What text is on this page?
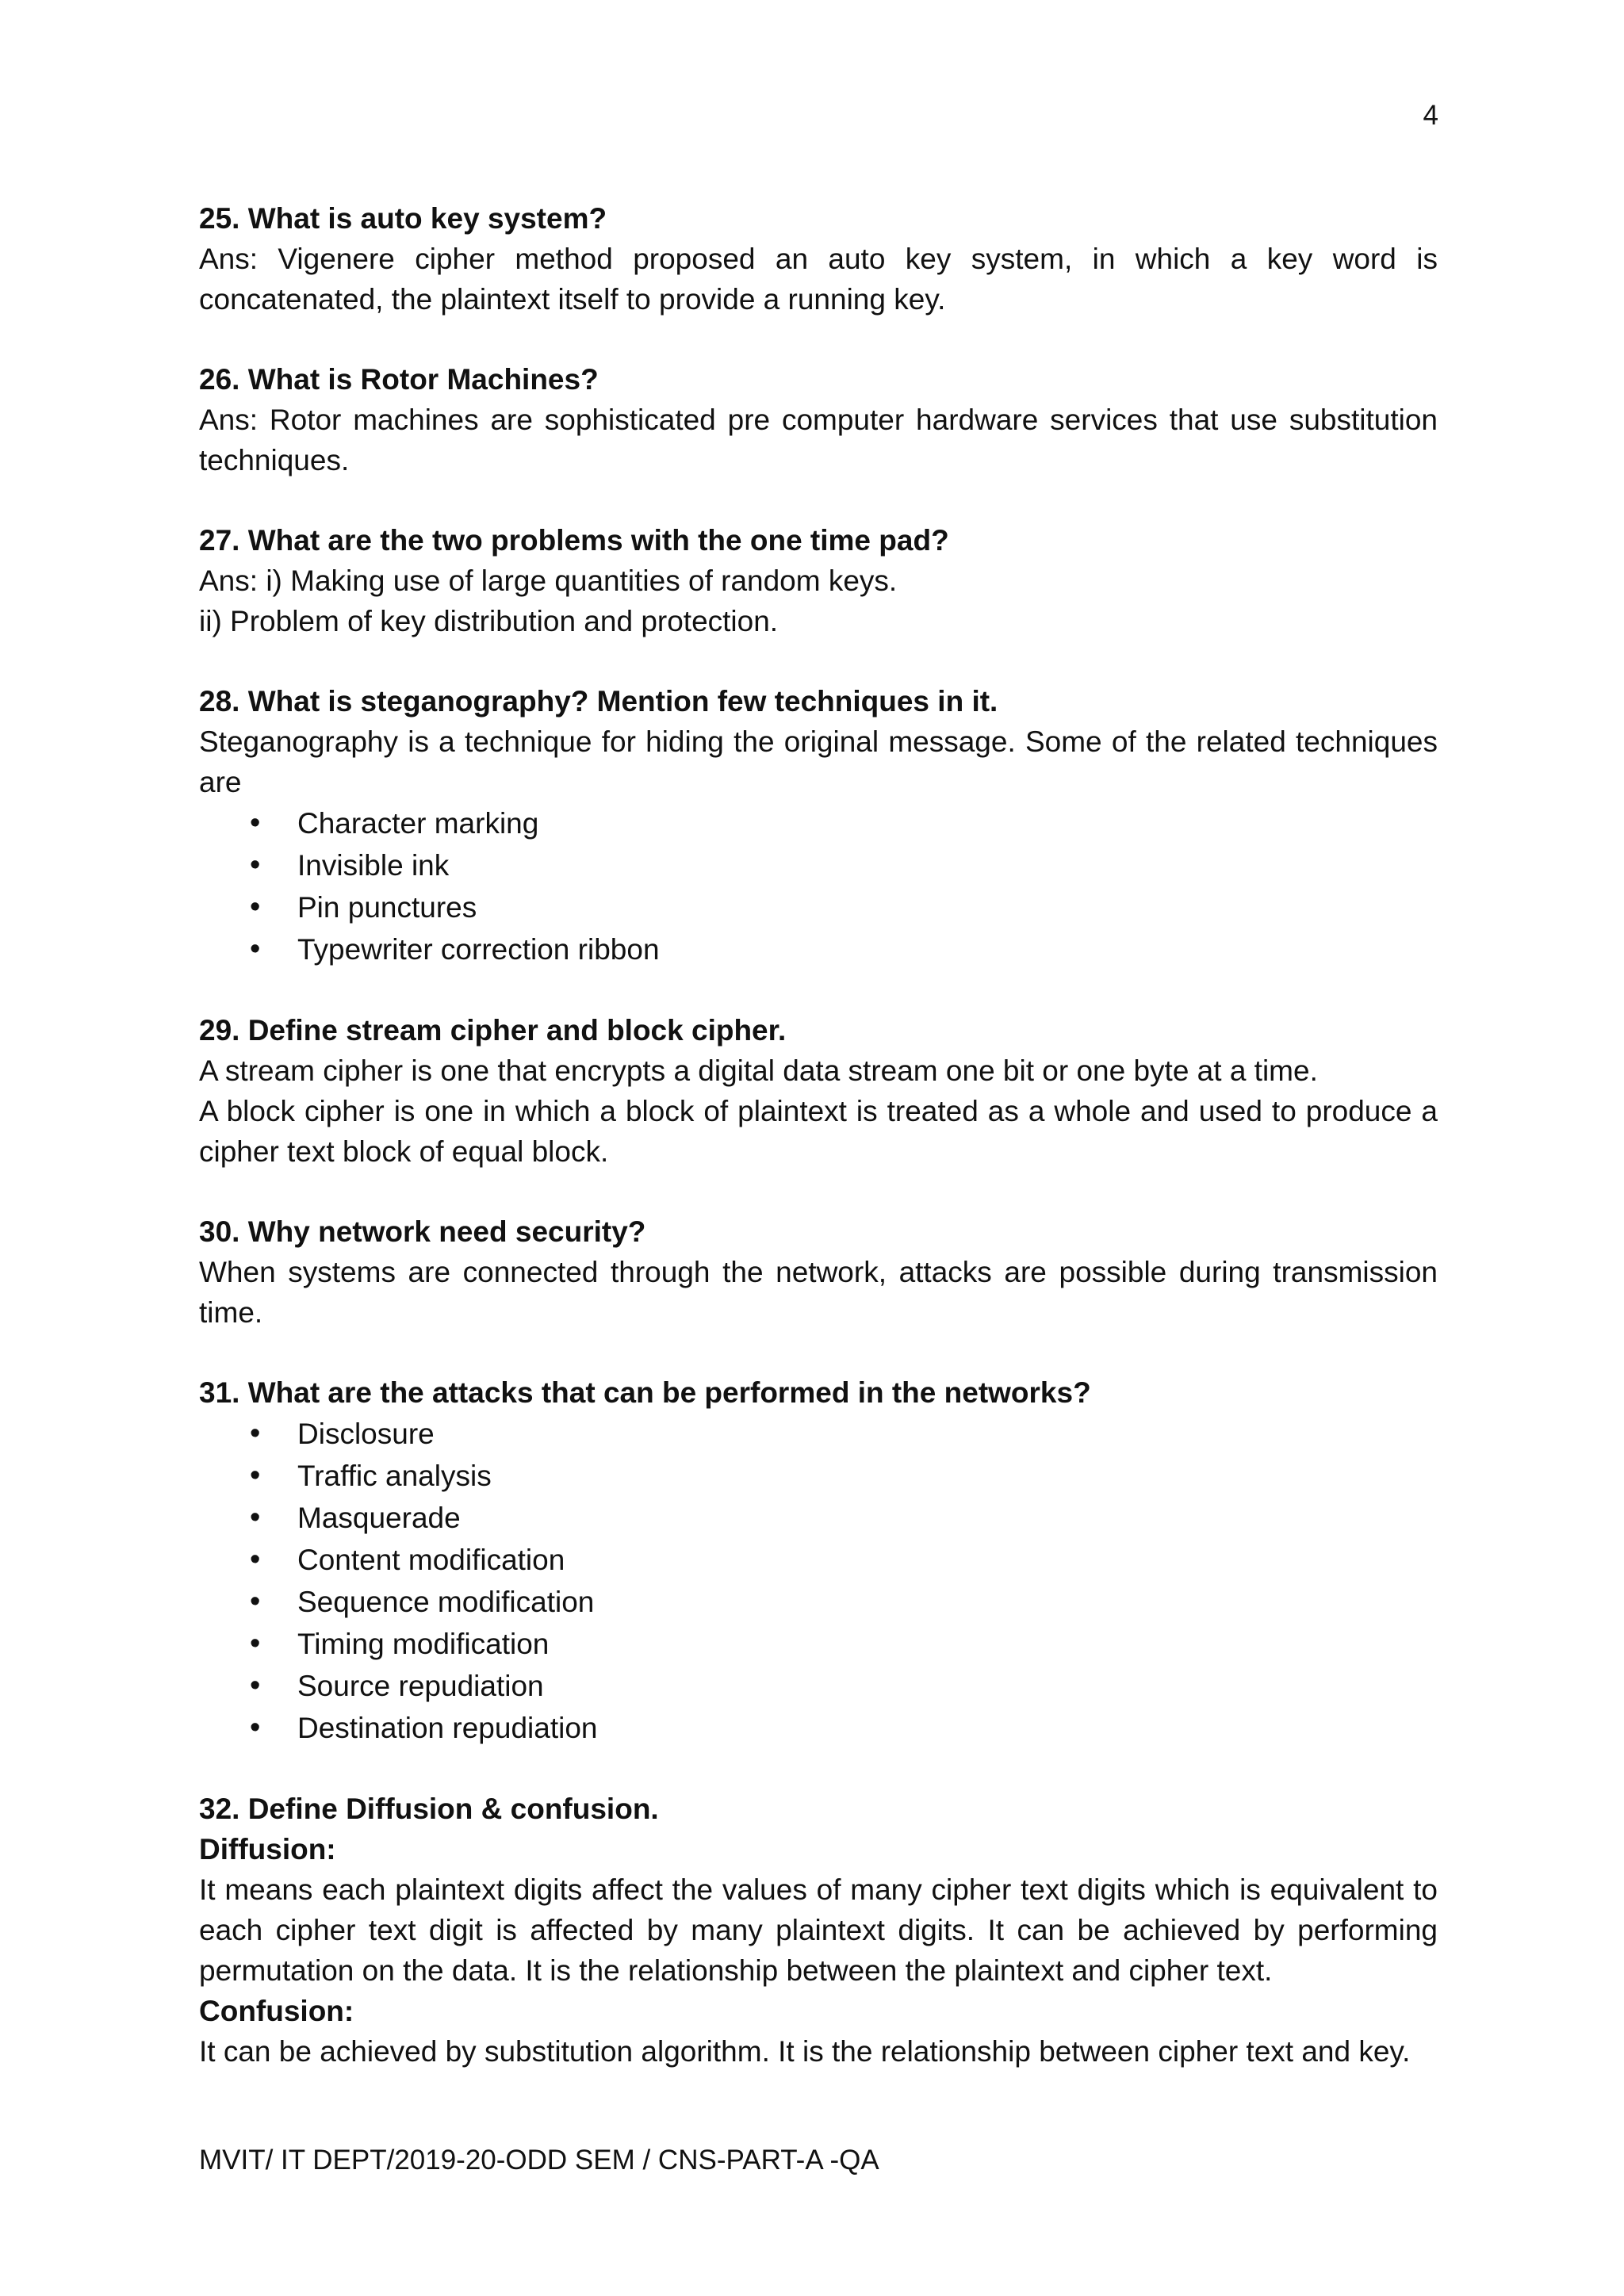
4

25. What is auto key system?

Ans: Vigenere cipher method proposed an auto key system, in which a key word is concatenated, the plaintext itself to provide a running key.

26. What is Rotor Machines?

Ans: Rotor machines are sophisticated pre computer hardware services that use substitution techniques.

27. What are the two problems with the one time pad?

Ans: i) Making use of large quantities of random keys.

ii) Problem of key distribution and protection.

28. What is steganography? Mention few techniques in it.

Steganography is a technique for hiding the original message. Some of the related techniques are

• Character marking
• Invisible ink
• Pin punctures
• Typewriter correction ribbon

29. Define stream cipher and block cipher.

A stream cipher is one that encrypts a digital data stream one bit or one byte at a time.

A block cipher is one in which a block of plaintext is treated as a whole and used to produce a cipher text block of equal block.

30. Why network need security?

When systems are connected through the network, attacks are possible during transmission time.

31. What are the attacks that can be performed in the networks?

• Disclosure
• Traffic analysis
• Masquerade
• Content modification
• Sequence modification
• Timing modification
• Source repudiation
• Destination repudiation

32. Define Diffusion & confusion.

Diffusion:

It means each plaintext digits affect the values of many cipher text digits which is equivalent to each cipher text digit is affected by many plaintext digits. It can be achieved by performing permutation on the data. It is the relationship between the plaintext and cipher text.

Confusion:

It can be achieved by substitution algorithm. It is the relationship between cipher text and key.

MVIT/ IT DEPT/2019-20-ODD SEM / CNS-PART-A -QA
